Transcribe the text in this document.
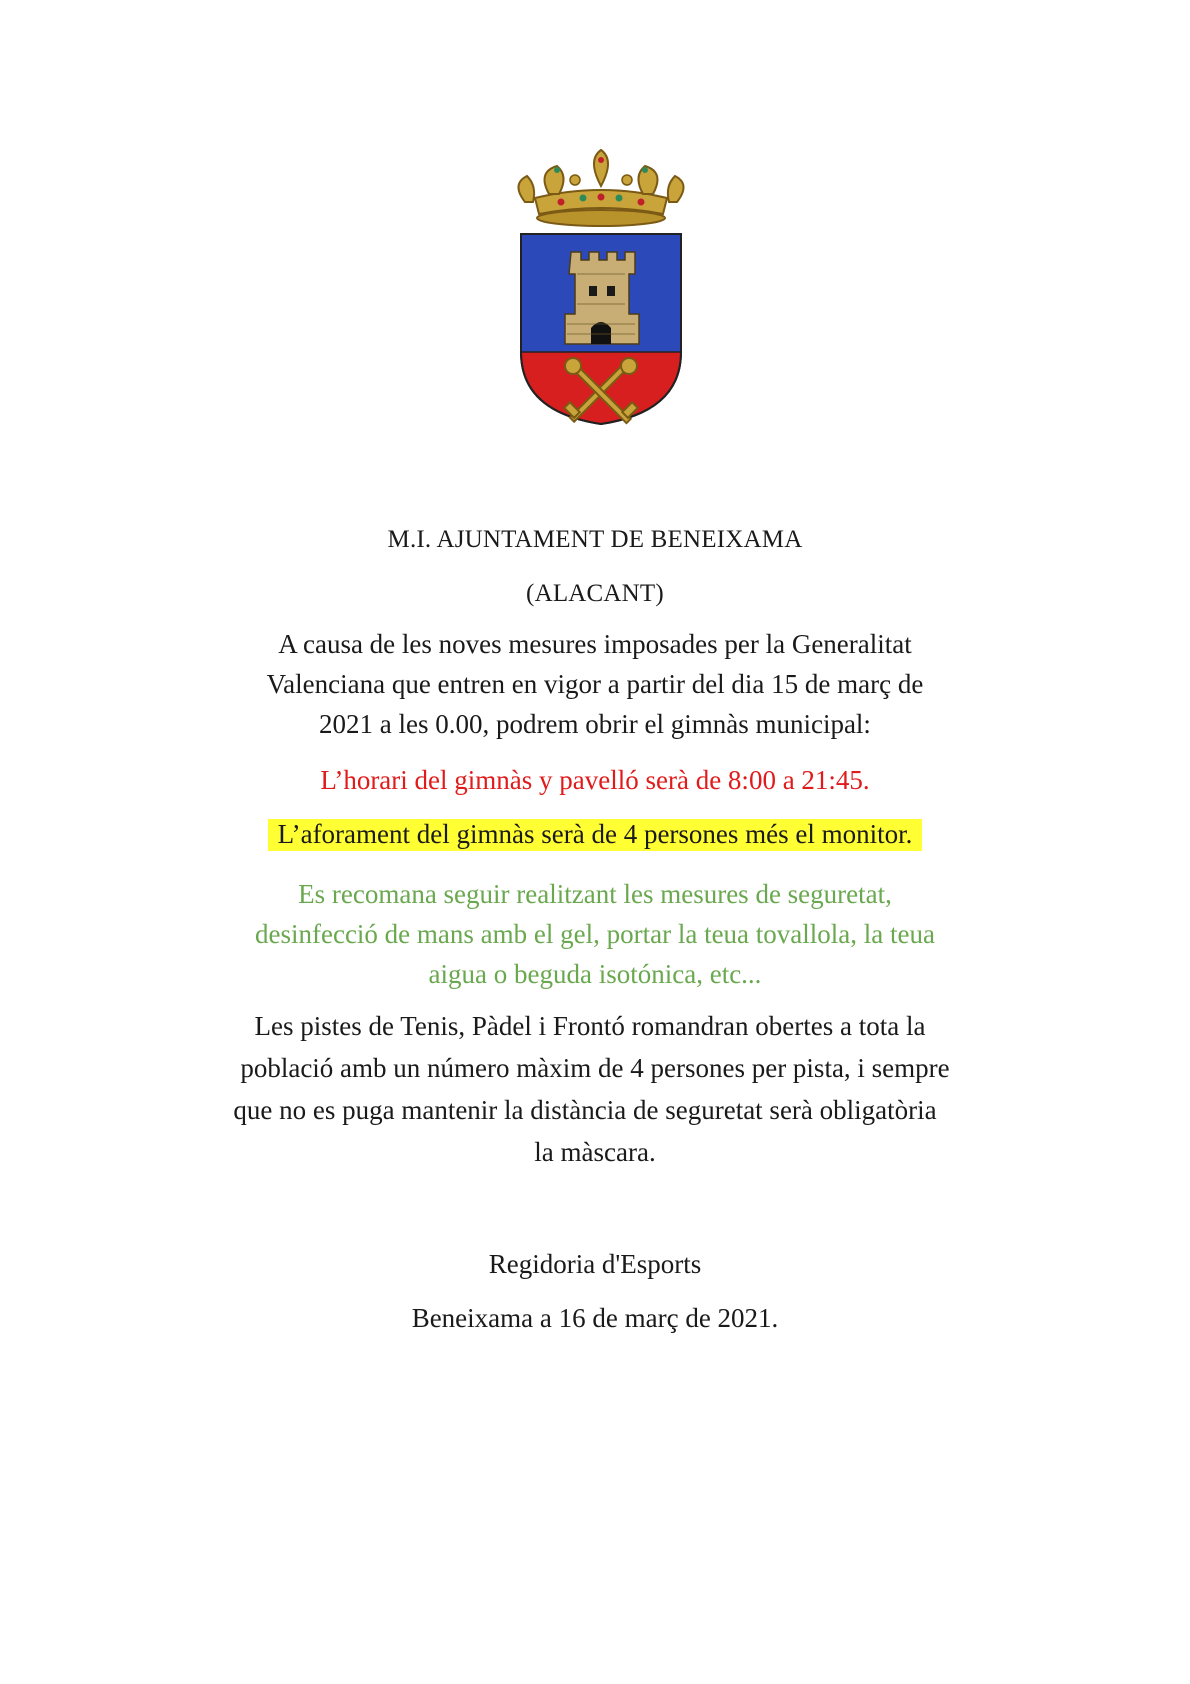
M.I. AJUNTAMENT DE BENEIXAMA
(ALACANT)
A causa de les noves mesures imposades per la Generalitat
Valenciana que entren en vigor a partir del dia 15 de març de
2021 a les 0.00, podrem obrir el gimnàs municipal:
L’horari del gimnàs y pavelló serà de 8:00 a 21:45.
L’aforament del gimnàs serà de 4 persones més el monitor.
Es recomana seguir realitzant les mesures de seguretat,
desinfecció de mans amb el gel, portar la teua tovallola, la teua
aigua o beguda isotónica, etc...
Les pistes de Tenis, Pàdel i Frontó romandran obertes a tota la
població amb un número màxim de 4 persones per pista, i sempre
que no es puga mantenir la distància de seguretat serà obligatòria
la màscara.
Regidoria d'Esports
Beneixama a 16 de març de 2021.
